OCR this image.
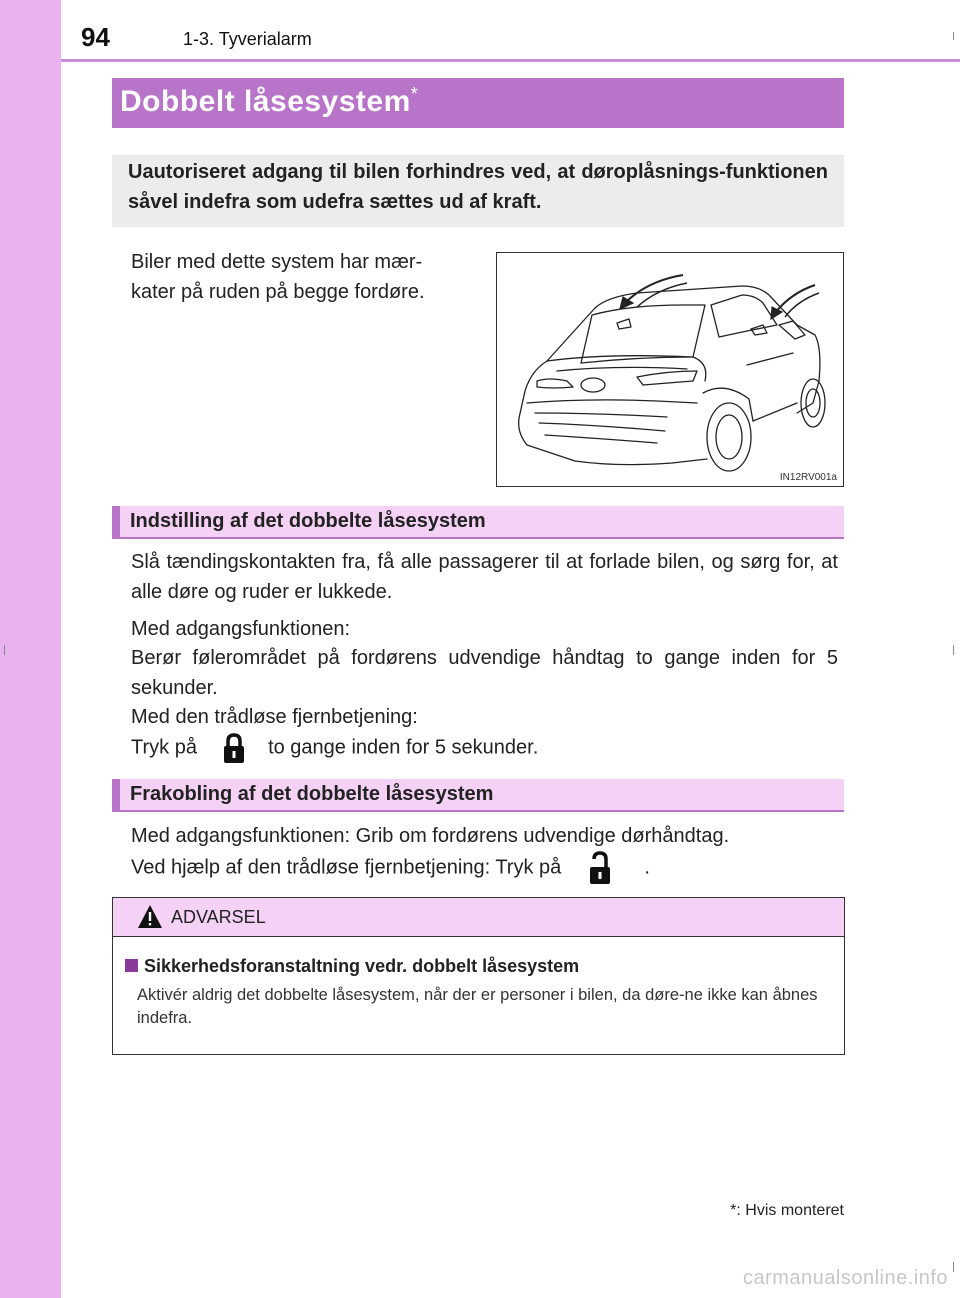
94	1-3. Tyverialarm
Dobbelt låsesystem*
Uautoriseret adgang til bilen forhindres ved, at døroplåsnings-funktionen såvel indefra som udefra sættes ud af kraft.
Biler med dette system har mær-
kater på ruden på begge fordøre.
IN12RV001a
Indstilling af det dobbelte låsesystem
Slå tændingskontakten fra, få alle passagerer til at forlade bilen, og sørg for, at alle døre og ruder er lukkede.
Med adgangsfunktionen:
Berør følerområdet på fordørens udvendige håndtag to gange inden for 5 sekunder.
Med den trådløse fjernbetjening:
Tryk på	to gange inden for 5 sekunder.
Frakobling af det dobbelte låsesystem
Med adgangsfunktionen: Grib om fordørens udvendige dørhåndtag.
Ved hjælp af den trådløse fjernbetjening: Tryk på	.
ADVARSEL
Sikkerhedsforanstaltning vedr. dobbelt låsesystem
Aktivér aldrig det dobbelte låsesystem, når der er personer i bilen, da døre-ne ikke kan åbnes indefra.
*: Hvis monteret
carmanualsonline.info
